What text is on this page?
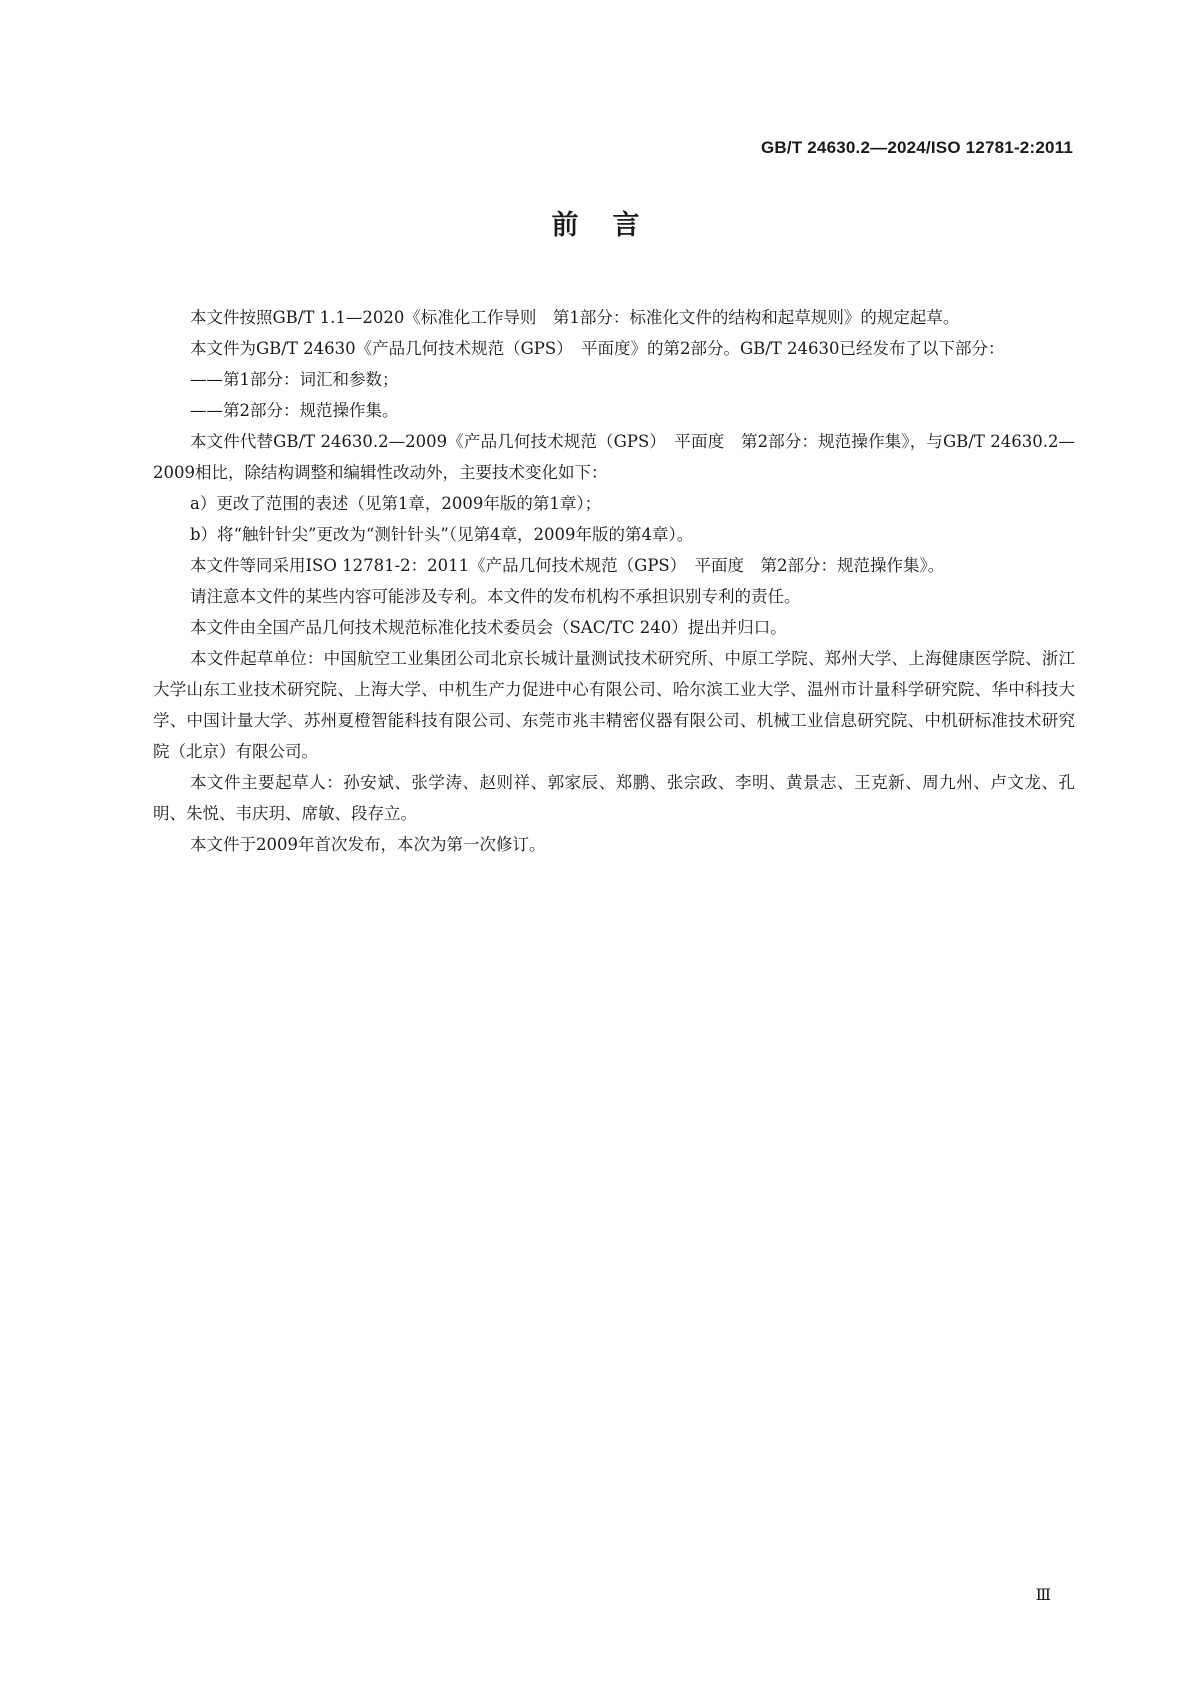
GB/T 24630.2—2024/ISO 12781-2:2011
前言

本文件按照GB/T 1.1—2020《标准化工作导则　第1部分：标准化文件的结构和起草规则》的规定起草。

本文件为GB/T 24630《产品几何技术规范（GPS）　平面度》的第2部分。GB/T 24630已经发布了以下部分：

——第1部分：词汇和参数；

——第2部分：规范操作集。

本文件代替GB/T 24630.2—2009《产品几何技术规范（GPS）　平面度　第2部分：规范操作集》，与GB/T 24630.2—2009相比，除结构调整和编辑性改动外，主要技术变化如下：

a）更改了范围的表述（见第1章，2009年版的第1章）；

b）将“触针针尖”更改为“测针针头”（见第4章，2009年版的第4章）。

本文件等同采用ISO 12781-2：2011《产品几何技术规范（GPS）　平面度　第2部分：规范操作集》。

请注意本文件的某些内容可能涉及专利。本文件的发布机构不承担识别专利的责任。

本文件由全国产品几何技术规范标准化技术委员会（SAC/TC 240）提出并归口。

本文件起草单位：中国航空工业集团公司北京长城计量测试技术研究所、中原工学院、郑州大学、上海健康医学院、浙江大学山东工业技术研究院、上海大学、中机生产力促进中心有限公司、哈尔滨工业大学、温州市计量科学研究院、华中科技大学、中国计量大学、苏州夏橙智能科技有限公司、东莞市兆丰精密仪器有限公司、机械工业信息研究院、中机研标准技术研究院（北京）有限公司。

本文件主要起草人：孙安斌、张学涛、赵则祥、郭家辰、郑鹏、张宗政、李明、黄景志、王克新、周九州、卢文龙、孔明、朱悦、韦庆玥、席敏、段存立。

本文件于2009年首次发布，本次为第一次修订。

Ⅲ
